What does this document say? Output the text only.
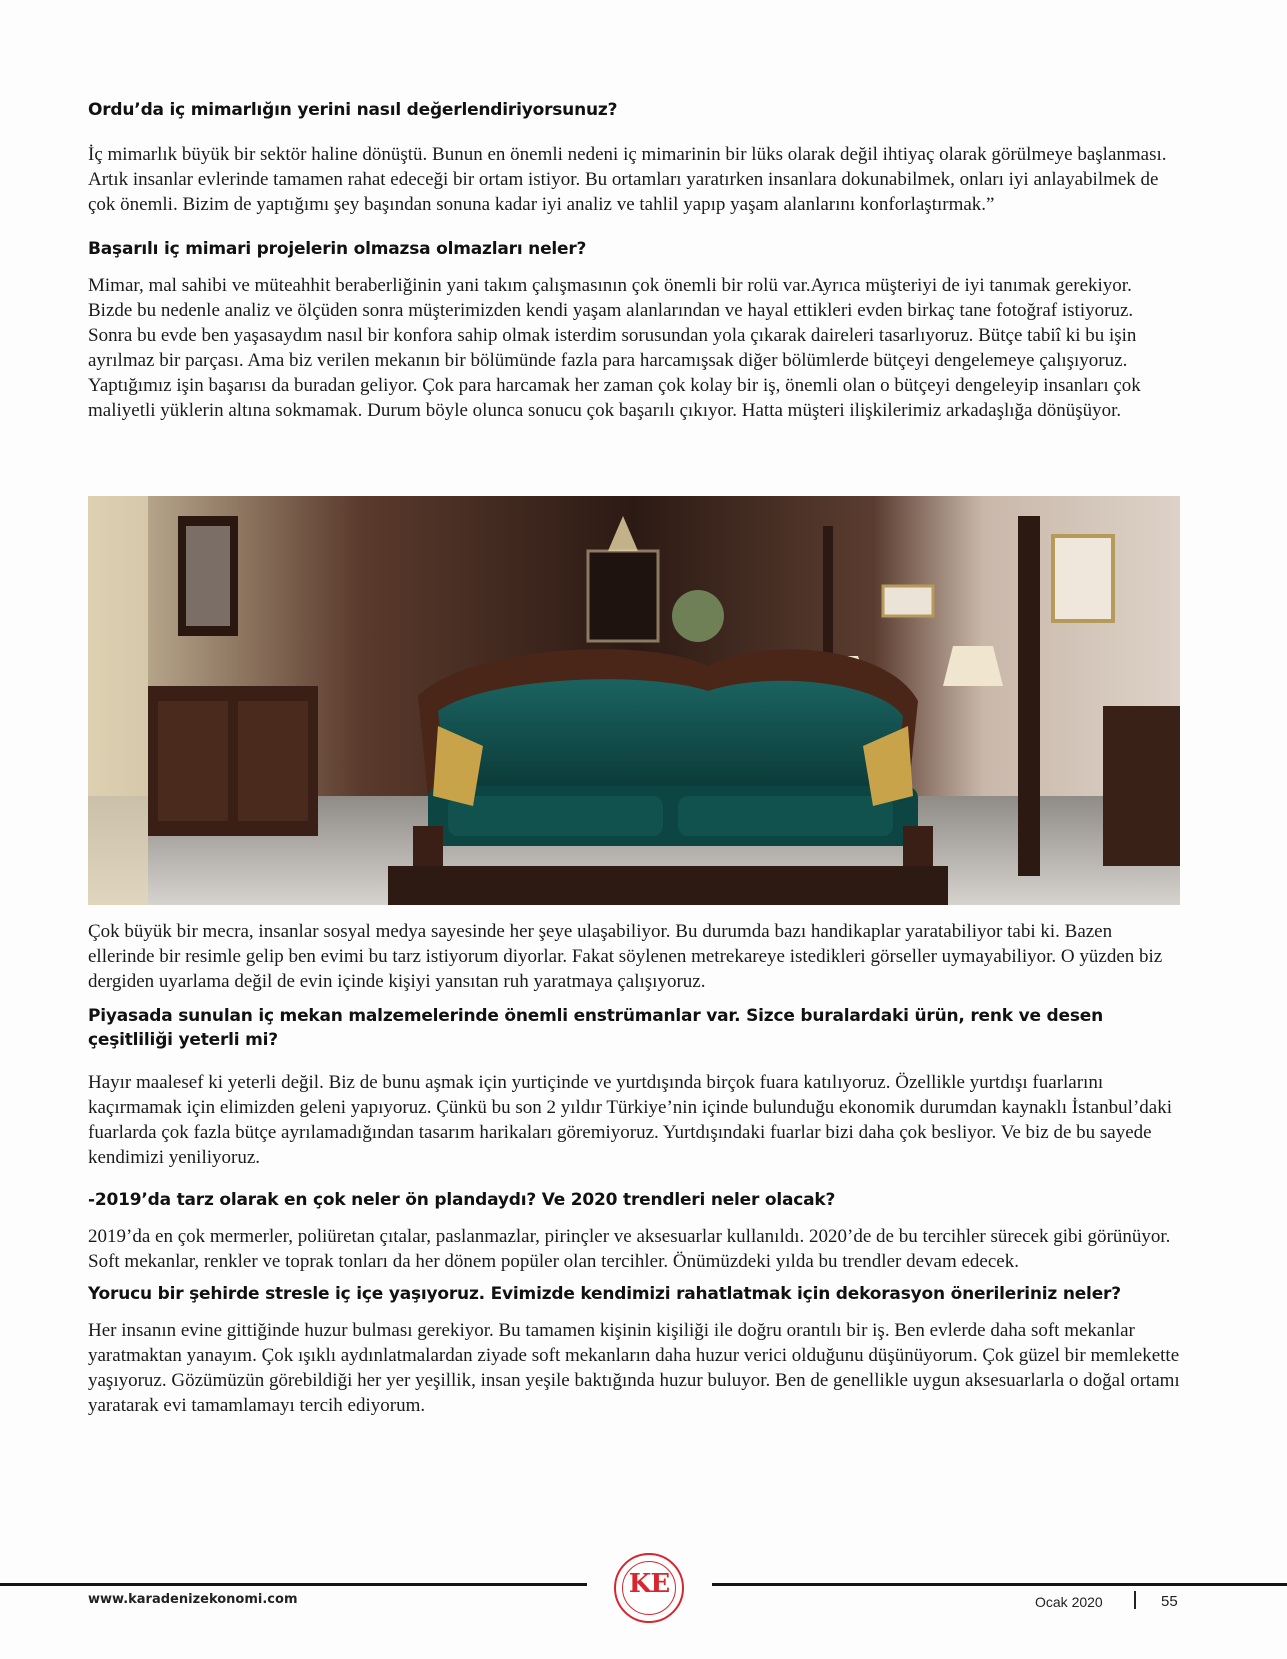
Ordu’da iç mimarlığın yerini nasıl değerlendiriyorsunuz?

İç mimarlık büyük bir sektör haline dönüştü. Bunun en önemli nedeni iç mimarinin bir lüks olarak değil ihtiyaç olarak görülmeye başlanması. Artık insanlar evlerinde tamamen rahat edeceği bir ortam istiyor. Bu ortamları yaratırken insanlara dokunabilmek, onları iyi anlayabilmek de çok önemli. Bizim de yaptığımı şey başından sonuna kadar iyi analiz ve tahlil yapıp yaşam alanlarını konforlaştırmak.”

Başarılı iç mimari projelerin olmazsa olmazları neler?

Mimar, mal sahibi ve müteahhit beraberliğinin yani takım çalışmasının çok önemli bir rolü var.Ayrıca müşteriyi de iyi tanımak gerekiyor. Bizde bu nedenle analiz ve ölçüden sonra müşterimizden kendi yaşam alanlarından ve hayal ettikleri evden birkaç tane fotoğraf istiyoruz. Sonra bu evde ben yaşasaydım nasıl bir konfora sahip olmak isterdim sorusundan yola çıkarak daireleri tasarlıyoruz. Bütçe tabiî ki bu işin ayrılmaz bir parçası. Ama biz verilen mekanın bir bölümünde fazla para harcamışsak diğer bölümlerde bütçeyi dengelemeye çalışıyoruz. Yaptığımız işin başarısı da buradan geliyor. Çok para harcamak her zaman çok kolay bir iş, önemli olan o bütçeyi dengeleyip insanları çok maliyetli yüklerin altına sokmamak. Durum böyle olunca sonucu çok başarılı çıkıyor. Hatta müşteri ilişkilerimiz arkadaşlığa dönüşüyor.

Çok büyük bir mecra, insanlar sosyal medya sayesinde her şeye ulaşabiliyor. Bu durumda bazı handikaplar yaratabiliyor tabi ki. Bazen ellerinde bir resimle gelip ben evimi bu tarz istiyorum diyorlar. Fakat söylenen metrekareye istedikleri görseller uymayabiliyor. O yüzden biz dergiden uyarlama değil de evin içinde kişiyi yansıtan ruh yaratmaya çalışıyoruz.

Piyasada sunulan iç mekan malzemelerinde önemli enstrümanlar var. Sizce buralardaki ürün, renk ve desen çeşitliliği yeterli mi?

Hayır maalesef ki yeterli değil. Biz de bunu aşmak için yurtiçinde ve yurtdışında birçok fuara katılıyoruz. Özellikle yurtdışı fuarlarını kaçırmamak için elimizden geleni yapıyoruz. Çünkü bu son 2 yıldır Türkiye’nin içinde bulunduğu ekonomik durumdan kaynaklı İstanbul’daki fuarlarda çok fazla bütçe ayrılamadığından tasarım harikaları göremiyoruz. Yurtdışındaki fuarlar bizi daha çok besliyor. Ve biz de bu sayede kendimizi yeniliyoruz.

-2019’da tarz olarak en çok neler ön plandaydı? Ve 2020 trendleri neler olacak?

2019’da en çok mermerler, poliüretan çıtalar, paslanmazlar, pirinçler ve aksesuarlar kullanıldı. 2020’de de bu tercihler sürecek gibi görünüyor. Soft mekanlar, renkler ve toprak tonları da her dönem popüler olan tercihler. Önümüzdeki yılda bu trendler devam edecek.

Yorucu bir şehirde stresle iç içe yaşıyoruz. Evimizde kendimizi rahatlatmak için dekorasyon önerileriniz neler?

Her insanın evine gittiğinde huzur bulması gerekiyor. Bu tamamen kişinin kişiliği ile doğru orantılı bir iş. Ben evlerde daha soft mekanlar yaratmaktan yanayım. Çok ışıklı aydınlatmalardan ziyade soft mekanların daha huzur verici olduğunu düşünüyorum. Çok güzel bir memlekette yaşıyoruz. Gözümüzün görebildiği her yer yeşillik, insan yeşile baktığında huzur buluyor. Ben de genellikle uygun aksesuarlarla o doğal ortamı yaratarak evi tamamlamayı tercih ediyorum.

KE
www.karadenizekonomi.com	Ocak 2020	55
